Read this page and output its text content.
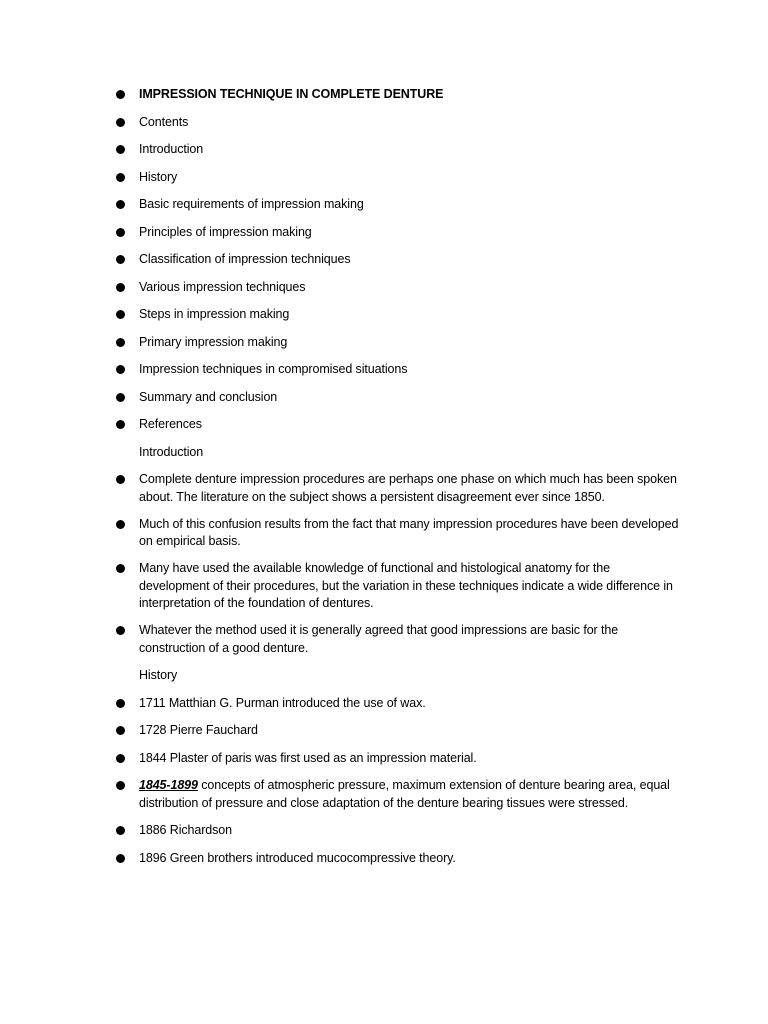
IMPRESSION TECHNIQUE IN COMPLETE DENTURE
Contents
Introduction
History
Basic requirements of impression making
Principles of impression making
Classification of impression techniques
Various impression techniques
Steps in impression making
Primary impression making
Impression techniques in compromised situations
Summary and conclusion
References
Introduction
Complete denture impression procedures are perhaps one phase on which much has been spoken about. The literature on the subject shows a persistent disagreement ever since 1850.
Much of this confusion results from the fact that many impression procedures have been developed on empirical basis.
Many have used the available knowledge of functional and histological anatomy for the development of their procedures, but the variation in these techniques indicate a wide difference in interpretation of the foundation of dentures.
Whatever the method used it is generally agreed that good impressions are basic for the construction of a good denture.
History
1711 Matthian G. Purman introduced the use of wax.
1728 Pierre Fauchard
1844 Plaster of paris was first used as an impression material.
1845-1899 concepts of atmospheric pressure, maximum extension of denture bearing area, equal distribution of pressure and close adaptation of the denture bearing tissues were stressed.
1886 Richardson
1896 Green brothers introduced mucocompressive theory.
